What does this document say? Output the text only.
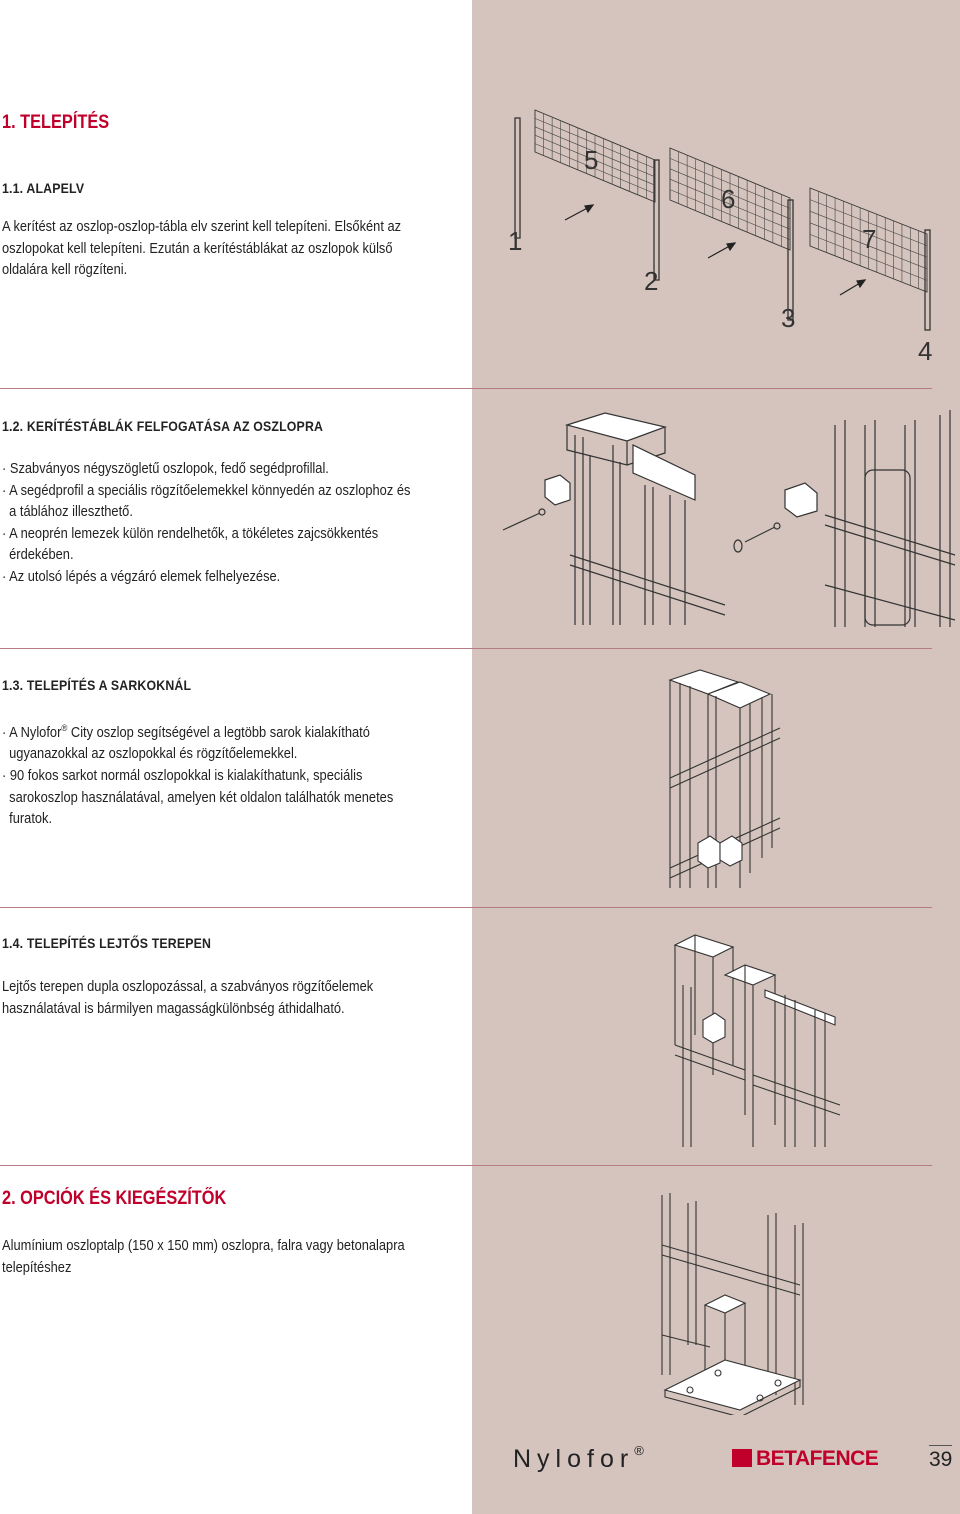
1. TELEPÍTÉS
1.1. ALAPELV

A kerítést az oszlop-oszlop-tábla elv szerint kell telepíteni. Elsőként az

oszlopokat kell telepíteni. Ezután a kerítéstáblákat az oszlopok külső

oldalára kell rögzíteni.

1
2
3
4
5
6
7
1.2. KERÍTÉSTÁBLÁK FELFOGATÁSA AZ OSZLOPRA

· Szabványos négyszögletű oszlopok, fedő segédprofillal.

· A segédprofil a speciális rögzítőelemekkel könnyedén az oszlophoz és

a táblához illeszthető.

· A neoprén lemezek külön rendelhetők, a tökéletes zajcsökkentés

érdekében.

· Az utolsó lépés a végzáró elemek felhelyezése.

1.3. TELEPÍTÉS A SARKOKNÁL

· A Nylofor® City oszlop segítségével a legtöbb sarok kialakítható

ugyanazokkal az oszlopokkal és rögzítőelemekkel.

· 90 fokos sarkot normál oszlopokkal is kialakíthatunk, speciális

sarokoszlop használatával, amelyen két oldalon találhatók menetes

furatok.

1.4. TELEPÍTÉS LEJTŐS TEREPEN

Lejtős terepen dupla oszlopozással, a szabványos rögzítőelemek

használatával is bármilyen magasságkülönbség áthidalható.

2. OPCIÓK ÉS KIEGÉSZÍTŐK

Alumínium oszloptalp (150 x 150 mm) oszlopra, falra vagy betonalapra

telepítéshez

Nylofor®	BETAFENCE 39
